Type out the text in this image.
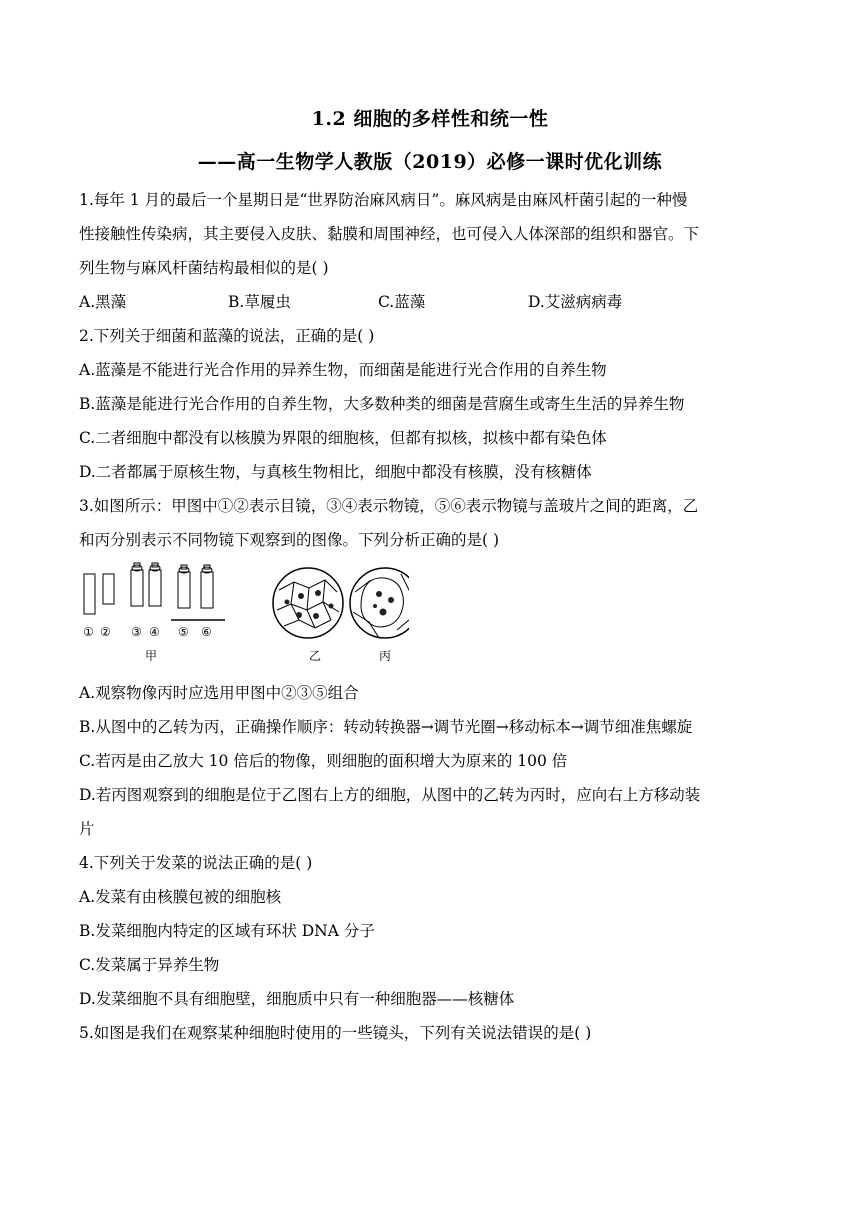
1.2 细胞的多样性和统一性
——高一生物学人教版（2019）必修一课时优化训练
1.每年 1 月的最后一个星期日是“世界防治麻风病日”。麻风病是由麻风杆菌引起的一种慢
性接触性传染病，其主要侵入皮肤、黏膜和周围神经，也可侵入人体深部的组织和器官。下
列生物与麻风杆菌结构最相似的是( )
A.黑藻	B.草履虫	C.蓝藻	D.艾滋病病毒
2.下列关于细菌和蓝藻的说法，正确的是( )
A.蓝藻是不能进行光合作用的异养生物，而细菌是能进行光合作用的自养生物
B.蓝藻是能进行光合作用的自养生物，大多数种类的细菌是营腐生或寄生生活的异养生物
C.二者细胞中都没有以核膜为界限的细胞核，但都有拟核，拟核中都有染色体
D.二者都属于原核生物，与真核生物相比，细胞中都没有核膜，没有核糖体
3.如图所示：甲图中①②表示目镜，③④表示物镜，⑤⑥表示物镜与盖玻片之间的距离，乙
和丙分别表示不同物镜下观察到的图像。下列分析正确的是( )
① ② ③ ④ ⑤ ⑥
甲	乙	丙
A.观察物像丙时应选用甲图中②③⑤组合
B.从图中的乙转为丙，正确操作顺序：转动转换器→调节光圈→移动标本→调节细准焦螺旋
C.若丙是由乙放大 10 倍后的物像，则细胞的面积增大为原来的 100 倍
D.若丙图观察到的细胞是位于乙图右上方的细胞，从图中的乙转为丙时，应向右上方移动装
片
4.下列关于发菜的说法正确的是( )
A.发菜有由核膜包被的细胞核
B.发菜细胞内特定的区域有环状 DNA 分子
C.发菜属于异养生物
D.发菜细胞不具有细胞壁，细胞质中只有一种细胞器——核糖体
5.如图是我们在观察某种细胞时使用的一些镜头，下列有关说法错误的是( )
